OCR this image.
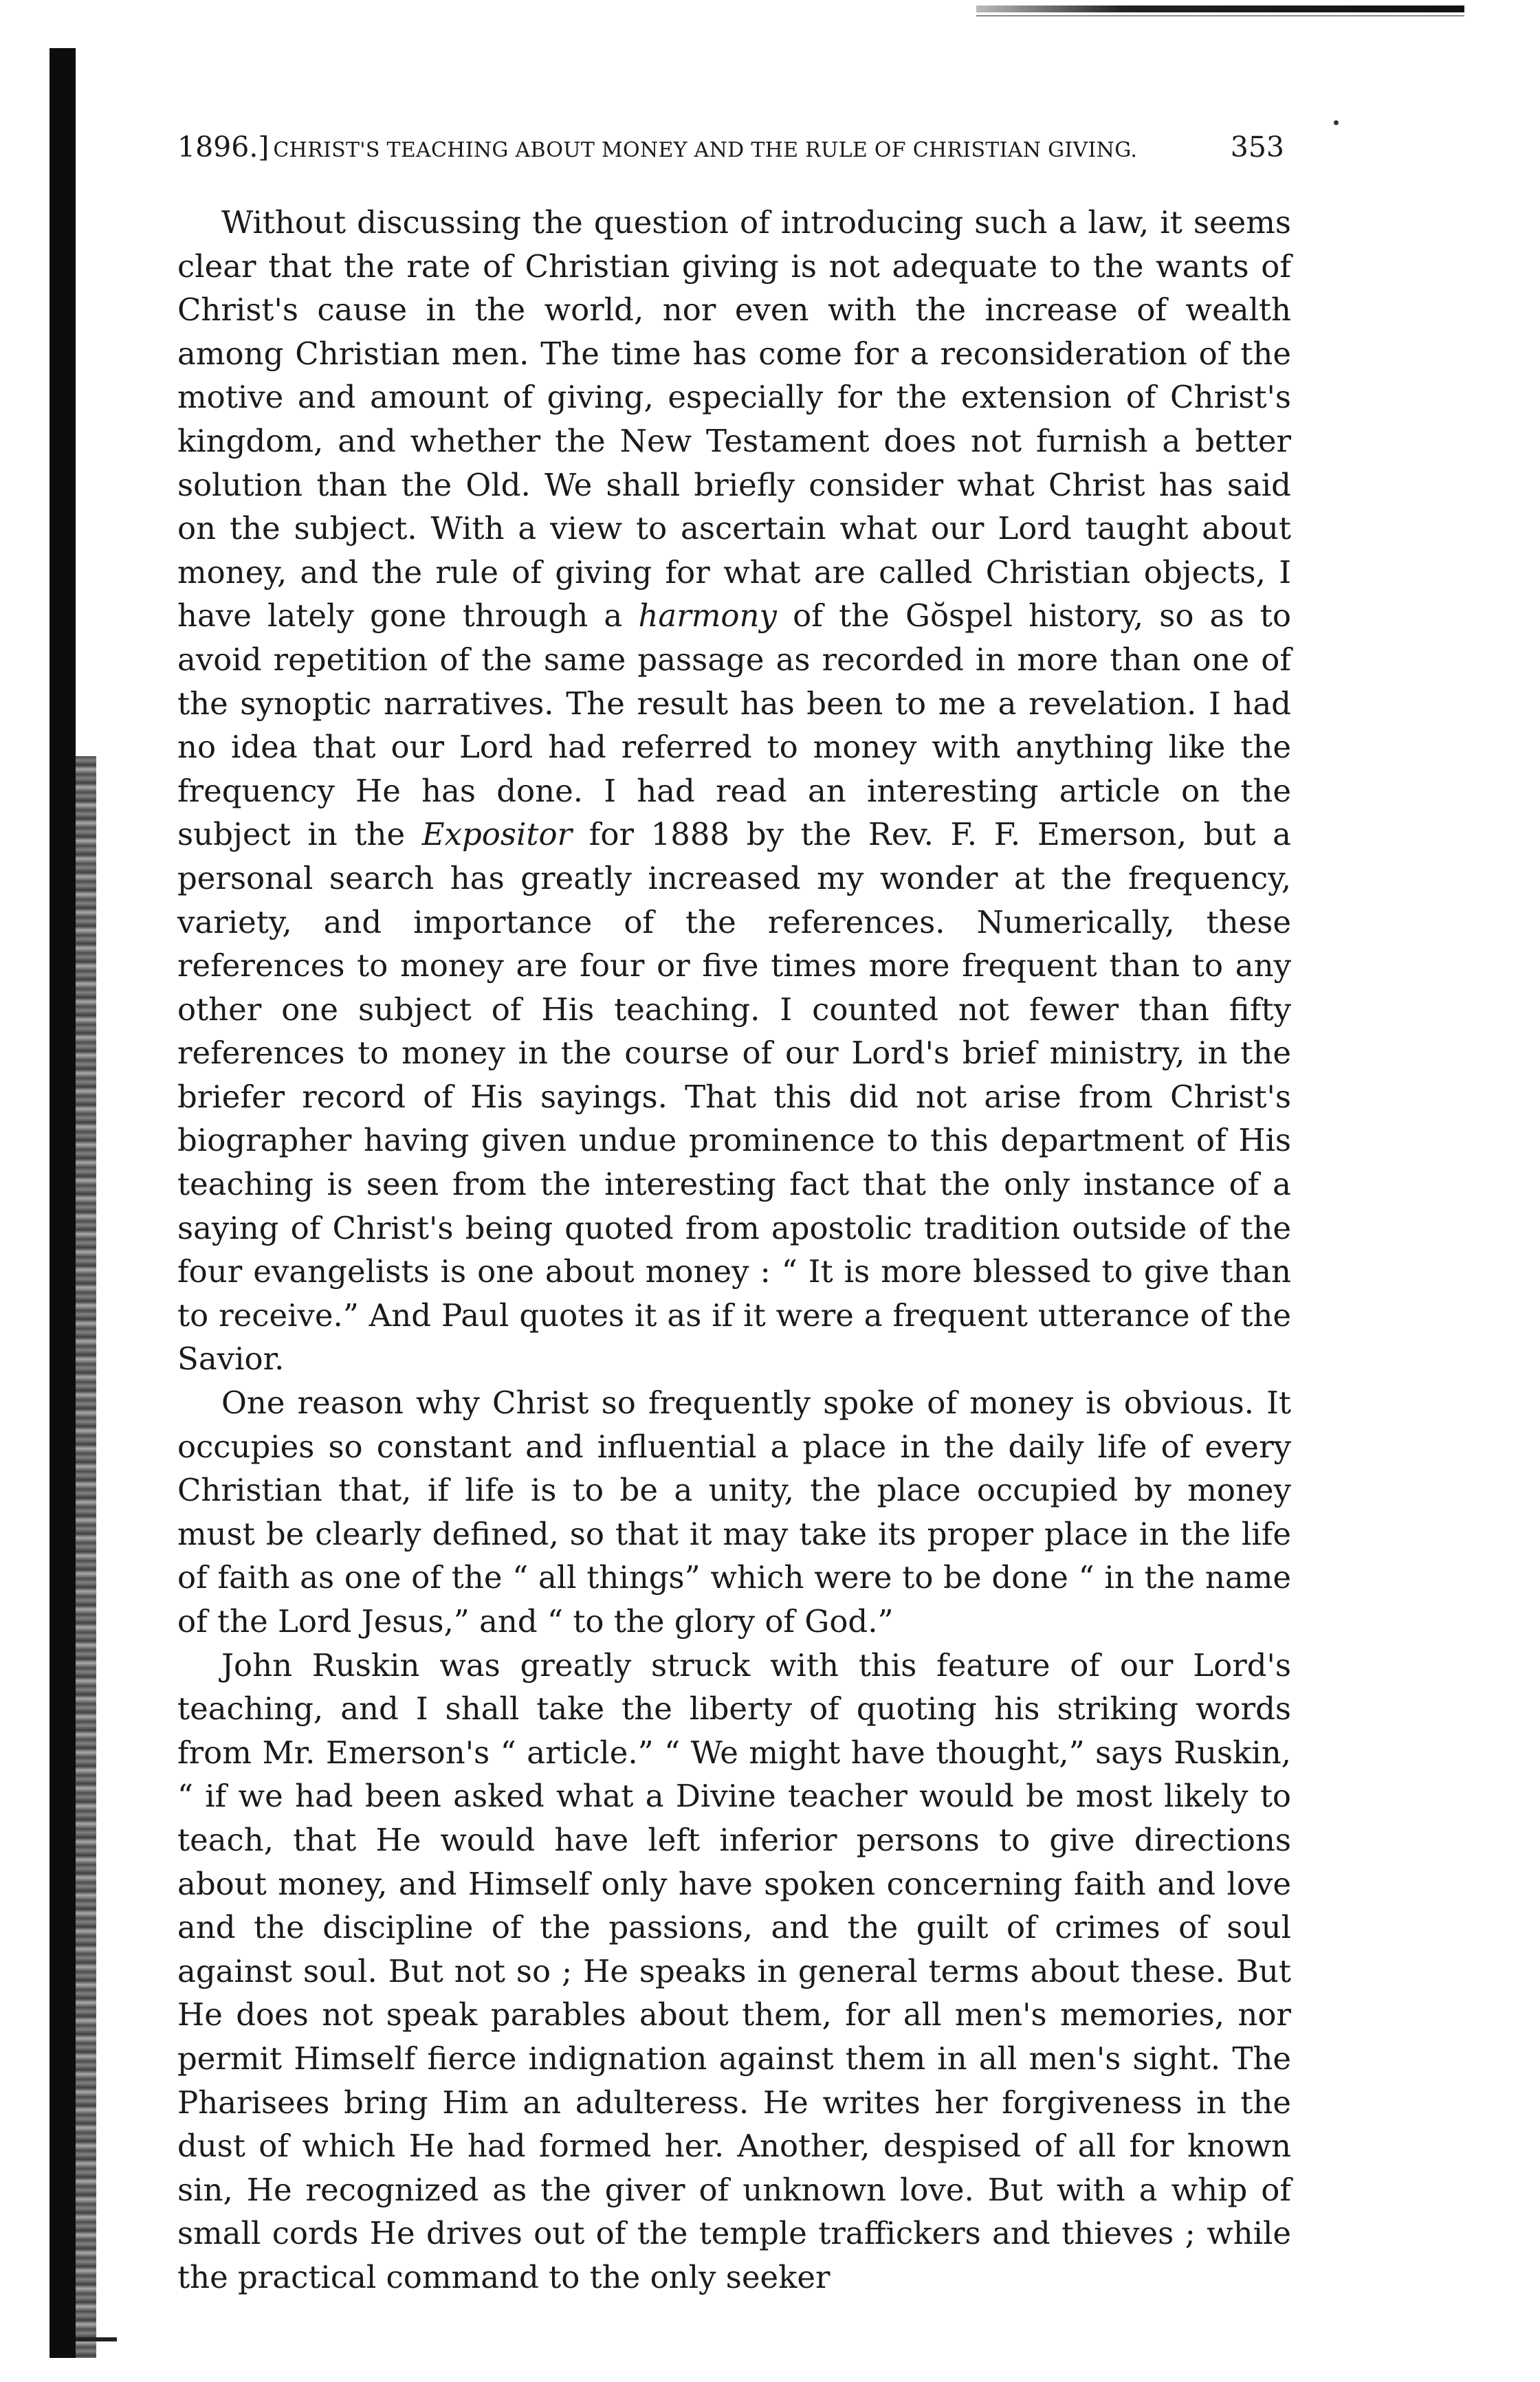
1896.] CHRIST'S TEACHING ABOUT MONEY AND THE RULE OF CHRISTIAN GIVING.	353

Without discussing the question of introducing such a law, it seems clear that the rate of Christian giving is not adequate to the wants of Christ's cause in the world, nor even with the increase of wealth among Christian men. The time has come for a reconsideration of the motive and amount of giving, especially for the extension of Christ's kingdom, and whether the New Testament does not furnish a better solution than the Old. We shall briefly consider what Christ has said on the subject. With a view to ascertain what our Lord taught about money, and the rule of giving for what are called Christian objects, I have lately gone through a harmony of the Gŏspel history, so as to avoid repetition of the same passage as recorded in more than one of the synoptic narratives. The result has been to me a revelation. I had no idea that our Lord had referred to money with anything like the frequency He has done. I had read an interesting article on the subject in the Expositor for 1888 by the Rev. F. F. Emerson, but a personal search has greatly increased my wonder at the frequency, variety, and importance of the references. Numerically, these references to money are four or five times more frequent than to any other one subject of His teaching. I counted not fewer than fifty references to money in the course of our Lord's brief ministry, in the briefer record of His sayings. That this did not arise from Christ's biographer having given undue prominence to this department of His teaching is seen from the interesting fact that the only instance of a saying of Christ's being quoted from apostolic tradition outside of the four evangelists is one about money : “ It is more blessed to give than to receive.” And Paul quotes it as if it were a frequent utterance of the Savior.

One reason why Christ so frequently spoke of money is obvious. It occupies so constant and influential a place in the daily life of every Christian that, if life is to be a unity, the place occupied by money must be clearly defined, so that it may take its proper place in the life of faith as one of the “ all things” which were to be done “ in the name of the Lord Jesus,” and “ to the glory of God.”

John Ruskin was greatly struck with this feature of our Lord's teaching, and I shall take the liberty of quoting his striking words from Mr. Emerson's “ article.” “ We might have thought,” says Ruskin, “ if we had been asked what a Divine teacher would be most likely to teach, that He would have left inferior persons to give directions about money, and Himself only have spoken concerning faith and love and the discipline of the passions, and the guilt of crimes of soul against soul. But not so ; He speaks in general terms about these. But He does not speak parables about them, for all men's memories, nor permit Himself fierce indignation against them in all men's sight. The Pharisees bring Him an adulteress. He writes her forgiveness in the dust of which He had formed her. Another, despised of all for known sin, He recognized as the giver of unknown love. But with a whip of small cords He drives out of the temple traffickers and thieves ; while the practical command to the only seeker
